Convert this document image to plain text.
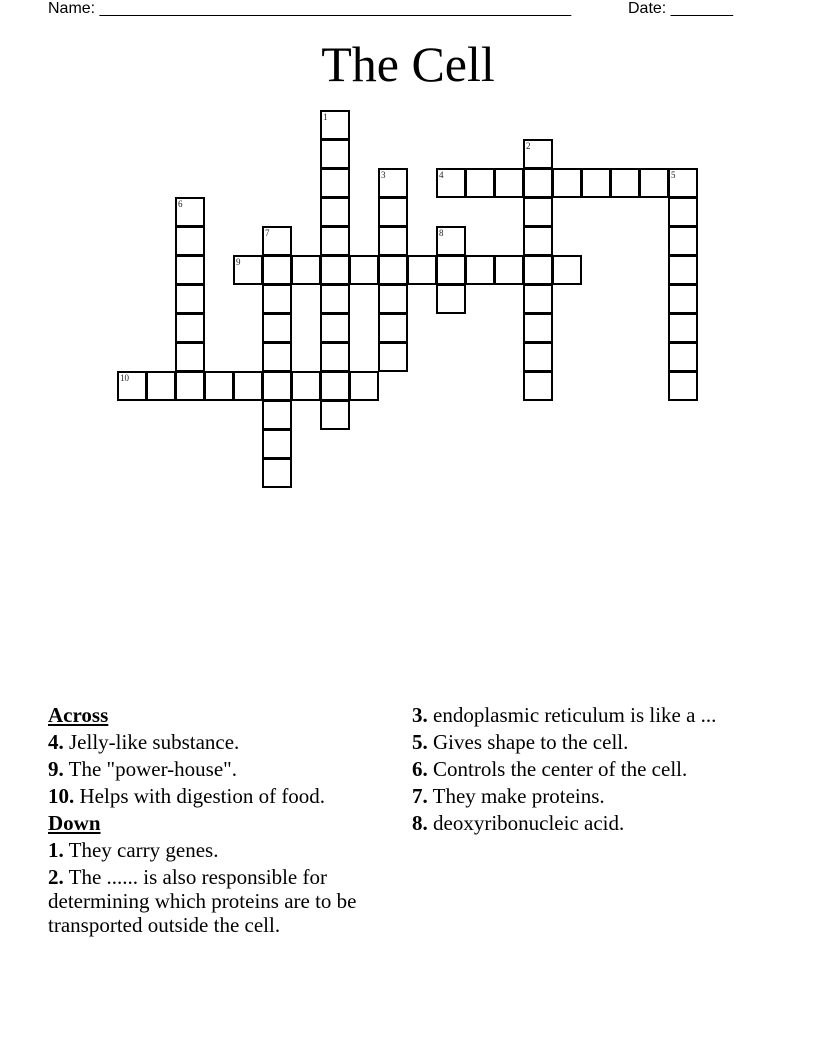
Name: _____________________________________________________	Date: _______
The Cell
1
2
3	4	5
6
7	8
9
10
Across
4. Jelly-like substance.
9. The "power-house".
10. Helps with digestion of food.
Down
1. They carry genes.
2. The ...... is also responsible for determining which proteins are to be transported outside the cell.
3. endoplasmic reticulum is like a ...
5. Gives shape to the cell.
6. Controls the center of the cell.
7. They make proteins.
8. deoxyribonucleic acid.
